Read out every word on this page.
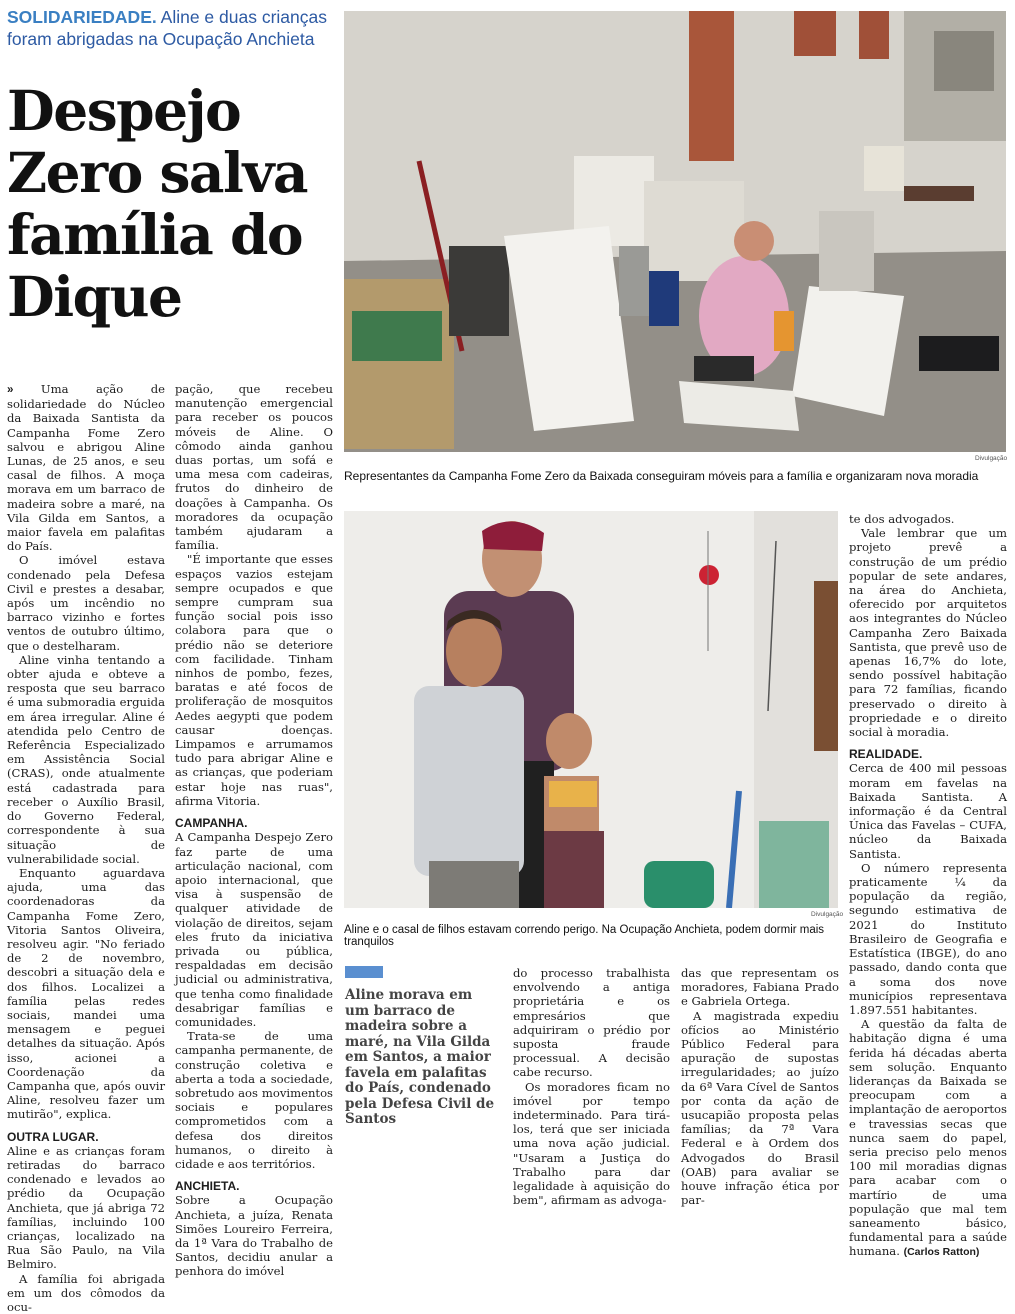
SOLIDARIEDADE. Aline e duas crianças foram abrigadas na Ocupação Anchieta
Despejo
Zero salva
família do
Dique
Divulgação
Representantes da Campanha Fome Zero da Baixada conseguiram móveis para a família e organizaram nova moradia
Divulgação
Aline e o casal de filhos estavam correndo perigo. Na Ocupação Anchieta, podem dormir mais tranquilos
Aline morava em um barraco de madeira sobre a maré, na Vila Gilda em Santos, a maior favela em palafitas do País, condenado pela Defesa Civil de Santos

» Uma ação de solidariedade do Núcleo da Baixada Santista da Campanha Fome Zero salvou e abrigou Aline Lunas, de 25 anos, e seu casal de filhos. A moça morava em um barraco de madeira sobre a maré, na Vila Gilda em Santos, a maior favela em palafitas do País.

O imóvel estava condenado pela Defesa Civil e prestes a desabar, após um incêndio no barraco vizinho e fortes ventos de outubro último, que o destelharam.

Aline vinha tentando a obter ajuda e obteve a resposta que seu barraco é uma submoradia erguida em área irregular. Aline é atendida pelo Centro de Referência Especializado em Assistência Social (CRAS), onde atualmente está cadastrada para receber o Auxílio Brasil, do Governo Federal, correspondente à sua situação de vulnerabilidade social.

Enquanto aguardava ajuda, uma das coordenadoras da Campanha Fome Zero, Vitoria Santos Oliveira, resolveu agir. "No feriado de 2 de novembro, descobri a situação dela e dos filhos. Localizei a família pelas redes sociais, mandei uma mensagem e peguei detalhes da situação. Após isso, acionei a Coordenação da Campanha que, após ouvir Aline, resolveu fazer um mutirão", explica.

OUTRA LUGAR.

Aline e as crianças foram retiradas do barraco condenado e levados ao prédio da Ocupação Anchieta, que já abriga 72 famílias, incluindo 100 crianças, localizado na Rua São Paulo, na Vila Belmiro.

A família foi abrigada em um dos cômodos da ocu-

pação, que recebeu manutenção emergencial para receber os poucos móveis de Aline. O cômodo ainda ganhou duas portas, um sofá e uma mesa com cadeiras, frutos do dinheiro de doações à Campanha. Os moradores da ocupação também ajudaram a família.

"É importante que esses espaços vazios estejam sempre ocupados e que sempre cumpram sua função social pois isso colabora para que o prédio não se deteriore com facilidade. Tinham ninhos de pombo, fezes, baratas e até focos de proliferação de mosquitos Aedes aegypti que podem causar doenças. Limpamos e arrumamos tudo para abrigar Aline e as crianças, que poderiam estar hoje nas ruas", afirma Vitoria.

CAMPANHA.

A Campanha Despejo Zero faz parte de uma articulação nacional, com apoio internacional, que visa à suspensão de qualquer atividade de violação de direitos, sejam eles fruto da iniciativa privada ou pública, respaldadas em decisão judicial ou administrativa, que tenha como finalidade desabrigar famílias e comunidades.

Trata-se de uma campanha permanente, de construção coletiva e aberta a toda a sociedade, sobretudo aos movimentos sociais e populares comprometidos com a defesa dos direitos humanos, o direito à cidade e aos territórios.

ANCHIETA.

Sobre a Ocupação Anchieta, a juíza, Renata Simões Loureiro Ferreira, da 1ª Vara do Trabalho de Santos, decidiu anular a penhora do imóvel

do processo trabalhista envolvendo a antiga proprietária e os empresários que adquiriram o prédio por suposta fraude processual. A decisão cabe recurso.

Os moradores ficam no imóvel por tempo indeterminado. Para tirá-los, terá que ser iniciada uma nova ação judicial. "Usaram a Justiça do Trabalho para dar legalidade à aquisição do bem", afirmam as advoga-

das que representam os moradores, Fabiana Prado e Gabriela Ortega.

A magistrada expediu ofícios ao Ministério Público Federal para apuração de supostas irregularidades; ao juízo da 6ª Vara Cível de Santos por conta da ação de usucapião proposta pelas famílias; da 7ª Vara Federal e à Ordem dos Advogados do Brasil (OAB) para avaliar se houve infração ética por par-

te dos advogados.

Vale lembrar que um projeto prevê a construção de um prédio popular de sete andares, na área do Anchieta, oferecido por arquitetos aos integrantes do Núcleo Campanha Zero Baixada Santista, que prevê uso de apenas 16,7% do lote, sendo possível habitação para 72 famílias, ficando preservado o direito à propriedade e o direito social à moradia.

REALIDADE.

Cerca de 400 mil pessoas moram em favelas na Baixada Santista. A informação é da Central Única das Favelas – CUFA, núcleo da Baixada Santista.

O número representa praticamente ¼ da população da região, segundo estimativa de 2021 do Instituto Brasileiro de Geografia e Estatística (IBGE), do ano passado, dando conta que a soma dos nove municípios representava 1.897.551 habitantes.

A questão da falta de habitação digna é uma ferida há décadas aberta sem solução. Enquanto lideranças da Baixada se preocupam com a implantação de aeroportos e travessias secas que nunca saem do papel, seria preciso pelo menos 100 mil moradias dignas para acabar com o martírio de uma população que mal tem saneamento básico, fundamental para a saúde humana. (Carlos Ratton)
